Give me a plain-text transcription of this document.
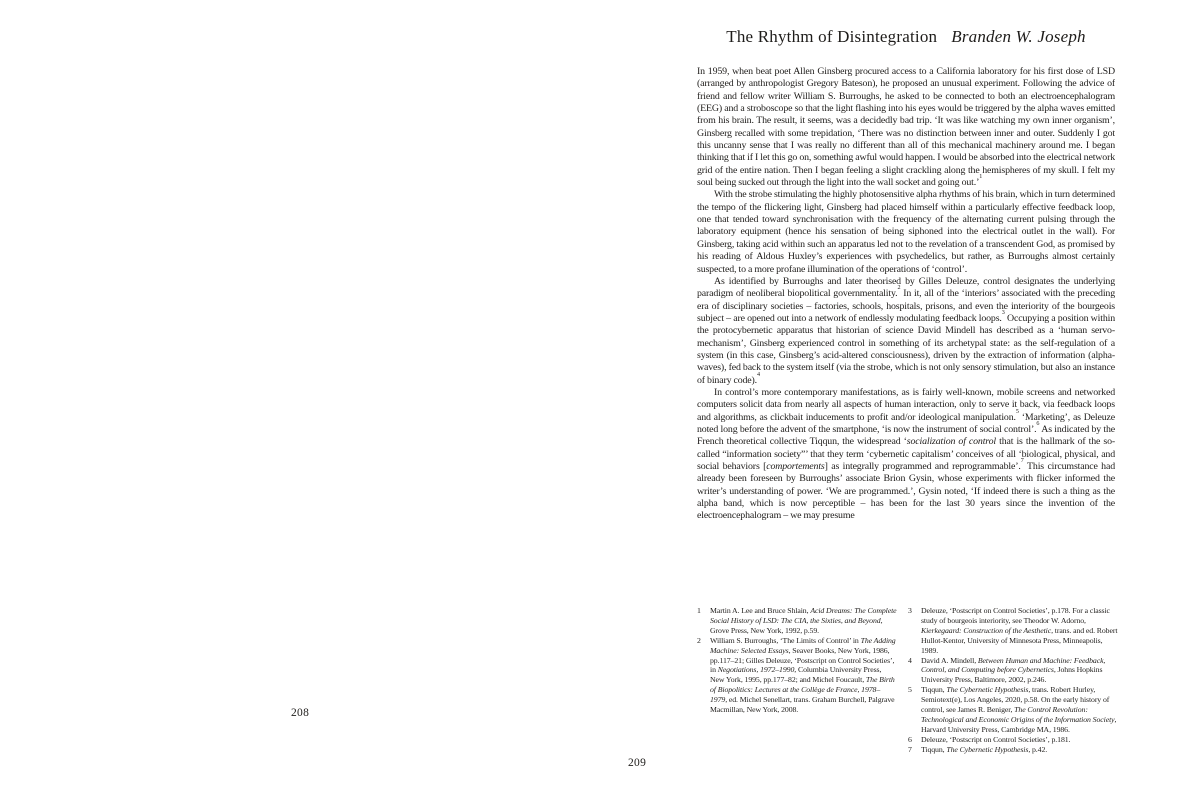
208
209
The Rhythm of Disintegration Branden W. Joseph

In 1959, when beat poet Allen Ginsberg procured access to a California laboratory for his first dose of LSD (arranged by anthropologist Gregory Bateson), he proposed an unusual experiment. Following the advice of friend and fellow writer William S. Burroughs, he asked to be connected to both an electroencephalogram (EEG) and a stroboscope so that the light flashing into his eyes would be triggered by the alpha waves emitted from his brain. The result, it seems, was a decidedly bad trip. ‘It was like watching my own inner organism’, Ginsberg recalled with some trepidation, ‘There was no distinction between inner and outer. Suddenly I got this uncanny sense that I was really no different than all of this mechanical machinery around me. I began thinking that if I let this go on, something awful would happen. I would be absorbed into the electrical network grid of the entire nation. Then I began feeling a slight crackling along the hemispheres of my skull. I felt my soul being sucked out through the light into the wall socket and going out.’$^1$

With the strobe stimulating the highly photosensitive alpha rhythms of his brain, which in turn determined the tempo of the flickering light, Ginsberg had placed himself within a particularly effective feedback loop, one that tended toward synchronisation with the frequency of the alternating current pulsing through the laboratory equipment (hence his sensation of being siphoned into the electrical outlet in the wall). For Ginsberg, taking acid within such an apparatus led not to the revelation of a transcendent God, as promised by his reading of Aldous Huxley’s experiences with psychedelics, but rather, as Burroughs almost certainly suspected, to a more profane illumination of the operations of ‘control’.

As identified by Burroughs and later theorised by Gilles Deleuze, control designates the underlying paradigm of neoliberal biopolitical governmentality.$^2$ In it, all of the ‘interiors’ associated with the preceding era of disciplinary societies – factories, schools, hospitals, prisons, and even the interiority of the bourgeois subject – are opened out into a network of endlessly modulating feedback loops.$^3$ Occupying a position within the protocybernetic apparatus that historian of science David Mindell has described as a ‘human servo-mechanism’, Ginsberg experienced control in something of its archetypal state: as the self-regulation of a system (in this case, Ginsberg’s acid-altered consciousness), driven by the extraction of information (alpha-waves), fed back to the system itself (via the strobe, which is not only sensory stimulation, but also an instance of binary code).$^4$

In control’s more contemporary manifestations, as is fairly well-known, mobile screens and networked computers solicit data from nearly all aspects of human interaction, only to serve it back, via feedback loops and algorithms, as clickbait inducements to profit and/or ideological manipulation.$^5$ ‘Marketing’, as Deleuze noted long before the advent of the smartphone, ‘is now the instrument of social control’.$^6$ As indicated by the French theoretical collective Tiqqun, the widespread ‘socialization of control that is the hallmark of the so-called “information society”’ that they term ‘cybernetic capitalism’ conceives of all ‘biological, physical, and social behaviors [comportements] as integrally programmed and reprogrammable’.$^7$ This circumstance had already been foreseen by Burroughs’ associate Brion Gysin, whose experiments with flicker informed the writer’s understanding of power. ‘We are programmed.’, Gysin noted, ‘If indeed there is such a thing as the alpha band, which is now perceptible – has been for the last 30 years since the invention of the electroencephalogram – we may presume

1	Martin A. Lee and Bruce Shlain, Acid Dreams: The Complete Social History of LSD: The CIA, the Sixties, and Beyond, Grove Press, New York, 1992, p.59.
2	William S. Burroughs, ‘The Limits of Control’ in The Adding Machine: Selected Essays, Seaver Books, New York, 1986, pp.117–21; Gilles Deleuze, ‘Postscript on Control Societies’, in Negotiations, 1972–1990, Columbia University Press, New York, 1995, pp.177–82; and Michel Foucault, The Birth of Biopolitics: Lectures at the Collège de France, 1978–1979, ed. Michel Senellart, trans. Graham Burchell, Palgrave Macmillan, New York, 2008.
3	Deleuze, ‘Postscript on Control Societies’, p.178. For a classic study of bourgeois interiority, see Theodor W. Adorno, Kierkegaard: Construction of the Aesthetic, trans. and ed. Robert Hullot-Kentor, University of Minnesota Press, Minneapolis, 1989.
4	David A. Mindell, Between Human and Machine: Feedback, Control, and Computing before Cybernetics, Johns Hopkins University Press, Baltimore, 2002, p.246.
5	Tiqqun, The Cybernetic Hypothesis, trans. Robert Hurley, Semiotext(e), Los Angeles, 2020, p.58. On the early history of control, see James R. Beniger, The Control Revolution: Technological and Economic Origins of the Information Society, Harvard University Press, Cambridge MA, 1986.
6	Deleuze, ‘Postscript on Control Societies’, p.181.
7	Tiqqun, The Cybernetic Hypothesis, p.42.
